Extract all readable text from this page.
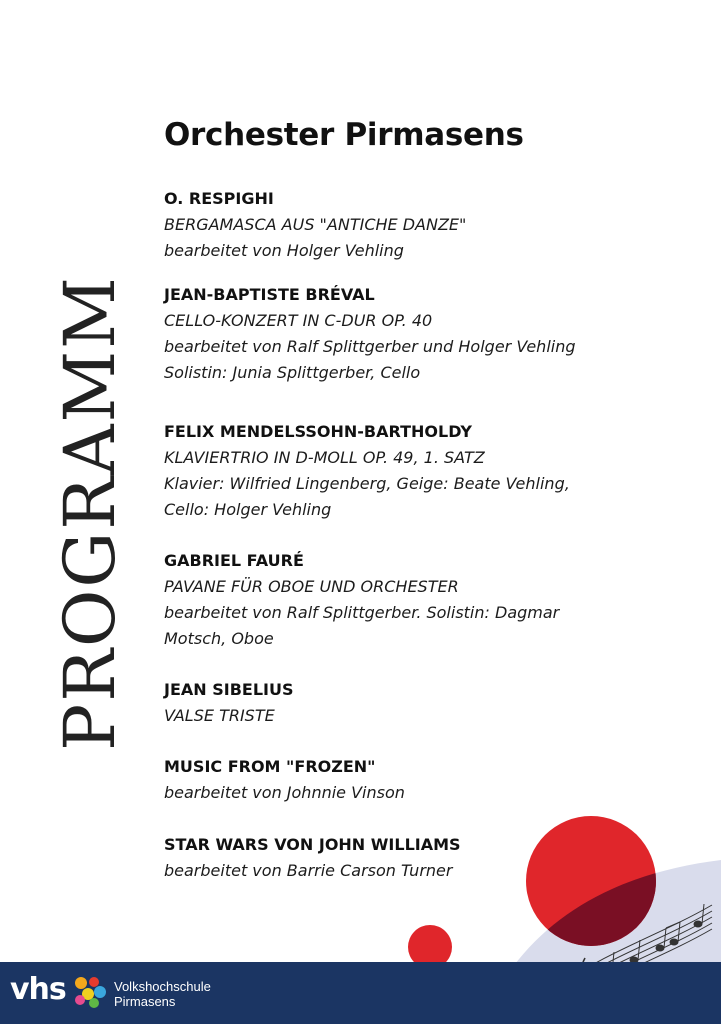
PROGRAMM
Orchester Pirmasens
O. RESPIGHI
BERGAMASCA AUS "ANTICHE DANZE"
bearbeitet von Holger Vehling
JEAN-BAPTISTE BRÉVAL
CELLO-KONZERT IN C-DUR OP. 40
bearbeitet von Ralf Splittgerber und Holger Vehling
Solistin: Junia Splittgerber, Cello
FELIX MENDELSSOHN-BARTHOLDY
KLAVIERTRIO IN D-MOLL OP. 49, 1. SATZ
Klavier: Wilfried Lingenberg, Geige: Beate Vehling,
Cello: Holger Vehling
GABRIEL FAURÉ
PAVANE FÜR OBOE UND ORCHESTER
bearbeitet von Ralf Splittgerber. Solistin: Dagmar
Motsch, Oboe
JEAN SIBELIUS
VALSE TRISTE
MUSIC FROM "FROZEN"
bearbeitet von Johnnie Vinson
STAR WARS VON JOHN WILLIAMS
bearbeitet von Barrie Carson Turner
vhs	Volkshochschule
Pirmasens
